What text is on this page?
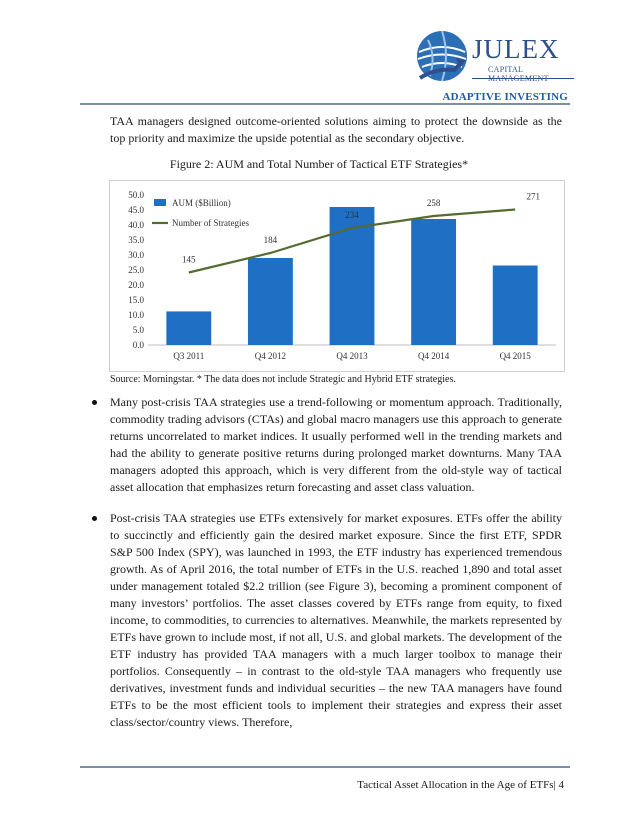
JULEX
CAPITAL MANAGEMENT
ADAPTIVE INVESTING
TAA managers designed outcome-oriented solutions aiming to protect the downside as the top priority and maximize the upside potential as the secondary objective.
Figure 2: AUM and Total Number of Tactical ETF Strategies*
0.0
5.0
10.0
15.0
20.0
25.0
30.0
35.0
40.0
45.0
50.0
Q3 2011	Q4 2012	Q4 2013	Q4 2014	Q4 2015
145
184
234
258
271
AUM ($Billion)
Number of Strategies
Source: Morningstar. * The data does not include Strategic and Hybrid ETF strategies.
Many post-crisis TAA strategies use a trend-following or momentum approach. Traditionally, commodity trading advisors (CTAs) and global macro managers use this approach to generate returns uncorrelated to market indices. It usually performed well in the trending markets and had the ability to generate positive returns during prolonged market downturns. Many TAA managers adopted this approach, which is very different from the old-style way of tactical asset allocation that emphasizes return forecasting and asset class valuation.
Post-crisis TAA strategies use ETFs extensively for market exposures. ETFs offer the ability to succinctly and efficiently gain the desired market exposure. Since the first ETF, SPDR S&P 500 Index (SPY), was launched in 1993, the ETF industry has experienced tremendous growth. As of April 2016, the total number of ETFs in the U.S. reached 1,890 and total asset under management totaled $2.2 trillion (see Figure 3), becoming a prominent component of many investors’ portfolios. The asset classes covered by ETFs range from equity, to fixed income, to commodities, to currencies to alternatives. Meanwhile, the markets represented by ETFs have grown to include most, if not all, U.S. and global markets. The development of the ETF industry has provided TAA managers with a much larger toolbox to manage their portfolios. Consequently – in contrast to the old-style TAA managers who frequently use derivatives, investment funds and individual securities – the new TAA managers have found ETFs to be the most efficient tools to implement their strategies and express their asset class/sector/country views. Therefore,
Tactical Asset Allocation in the Age of ETFs| 4
